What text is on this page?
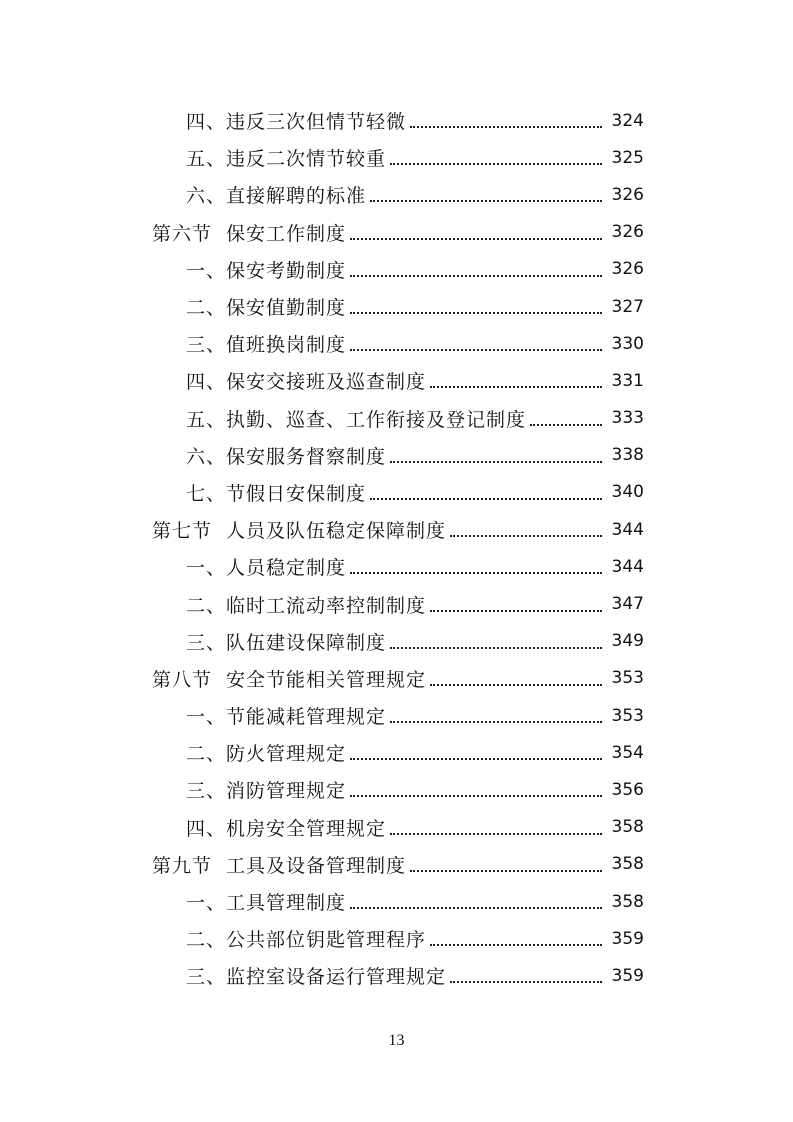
四、违反三次但情节轻微	324
五、违反二次情节较重	325
六、直接解聘的标准	326
第六节 保安工作制度	326
一、保安考勤制度	326
二、保安值勤制度	327
三、值班换岗制度	330
四、保安交接班及巡查制度	331
五、执勤、巡查、工作衔接及登记制度	333
六、保安服务督察制度	338
七、节假日安保制度	340
第七节 人员及队伍稳定保障制度	344
一、人员稳定制度	344
二、临时工流动率控制制度	347
三、队伍建设保障制度	349
第八节 安全节能相关管理规定	353
一、节能减耗管理规定	353
二、防火管理规定	354
三、消防管理规定	356
四、机房安全管理规定	358
第九节 工具及设备管理制度	358
一、工具管理制度	358
二、公共部位钥匙管理程序	359
三、监控室设备运行管理规定	359
13
